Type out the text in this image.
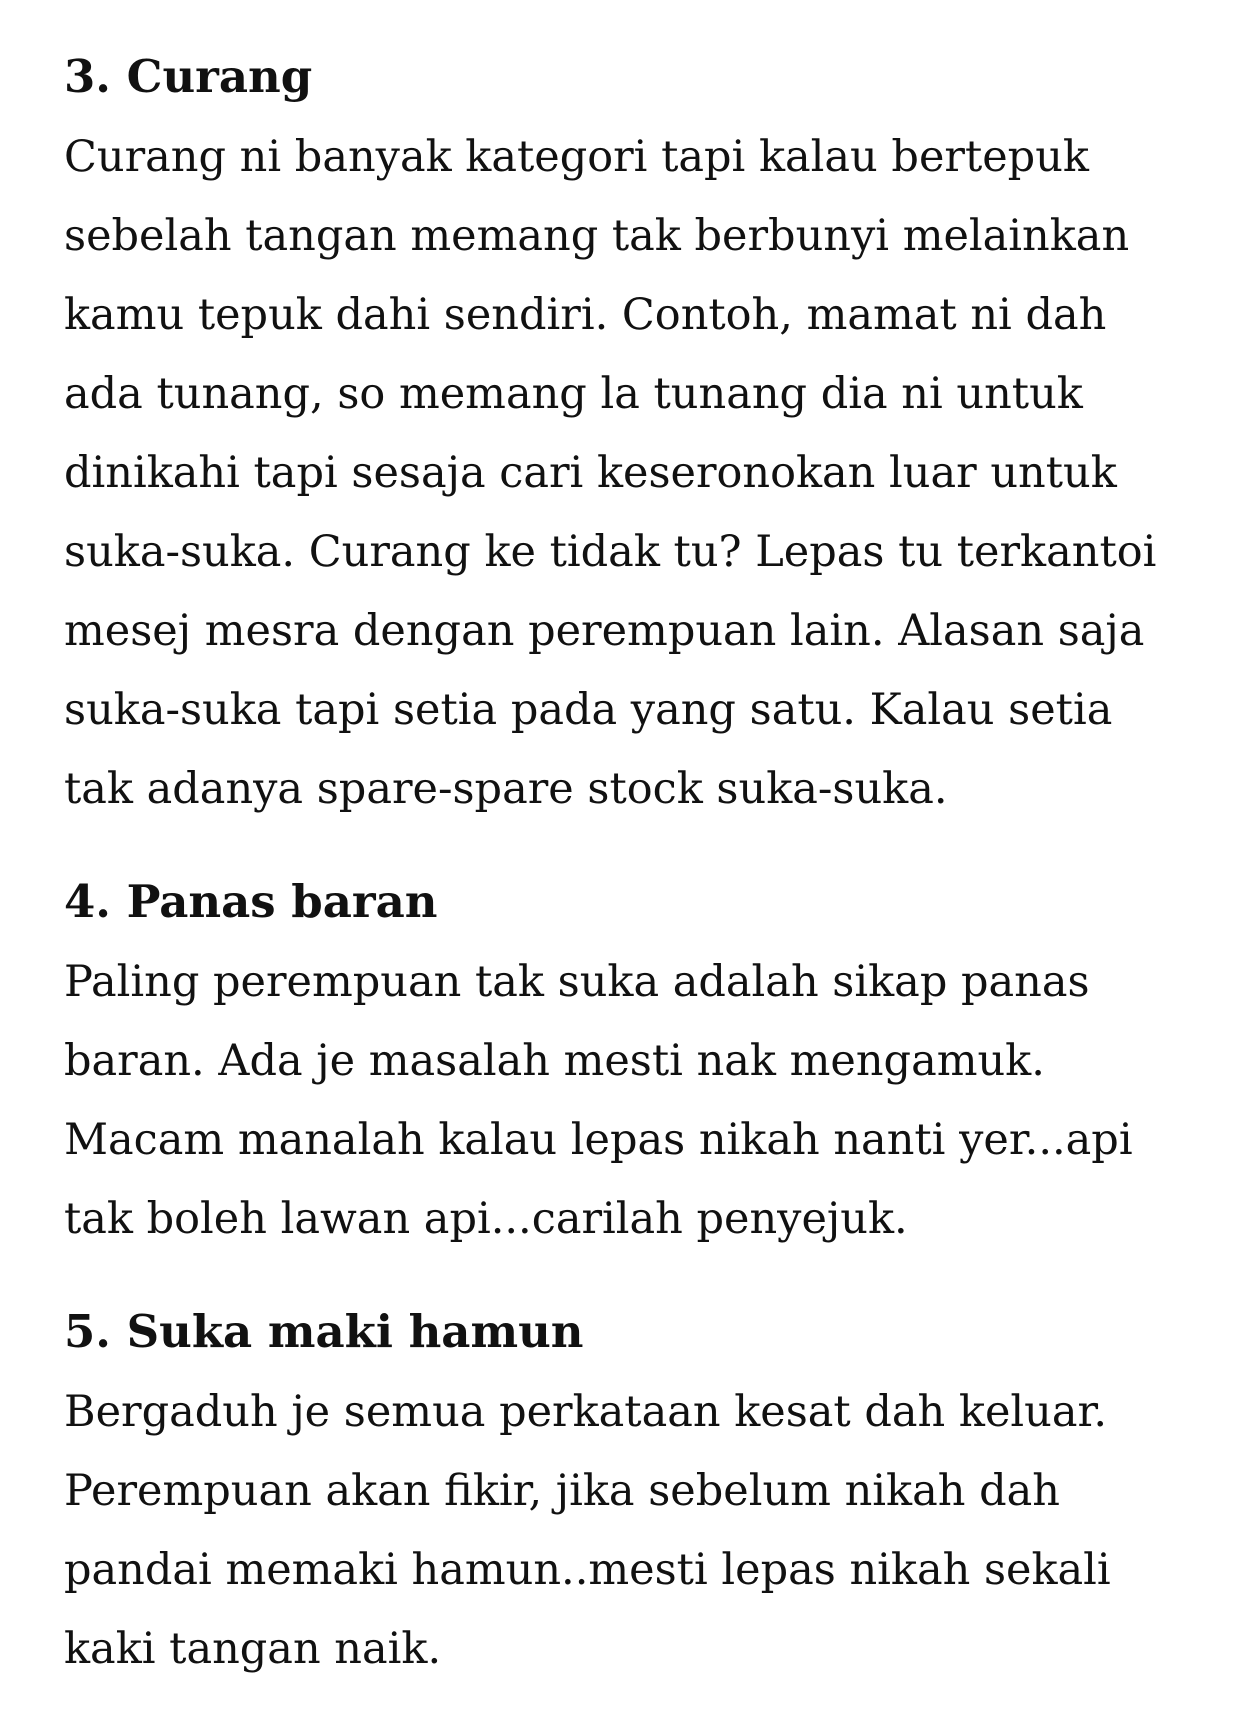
3. Curang

Curang ni banyak kategori tapi kalau bertepuk
sebelah tangan memang tak berbunyi melainkan
kamu tepuk dahi sendiri. Contoh, mamat ni dah
ada tunang, so memang la tunang dia ni untuk
dinikahi tapi sesaja cari keseronokan luar untuk
suka-suka. Curang ke tidak tu? Lepas tu terkantoi
mesej mesra dengan perempuan lain. Alasan saja
suka-suka tapi setia pada yang satu. Kalau setia
tak adanya spare-spare stock suka-suka.

4. Panas baran

Paling perempuan tak suka adalah sikap panas
baran. Ada je masalah mesti nak mengamuk.
Macam manalah kalau lepas nikah nanti yer...api
tak boleh lawan api...carilah penyejuk.

5. Suka maki hamun

Bergaduh je semua perkataan kesat dah keluar.
Perempuan akan fikir, jika sebelum nikah dah
pandai memaki hamun..mesti lepas nikah sekali
kaki tangan naik.
